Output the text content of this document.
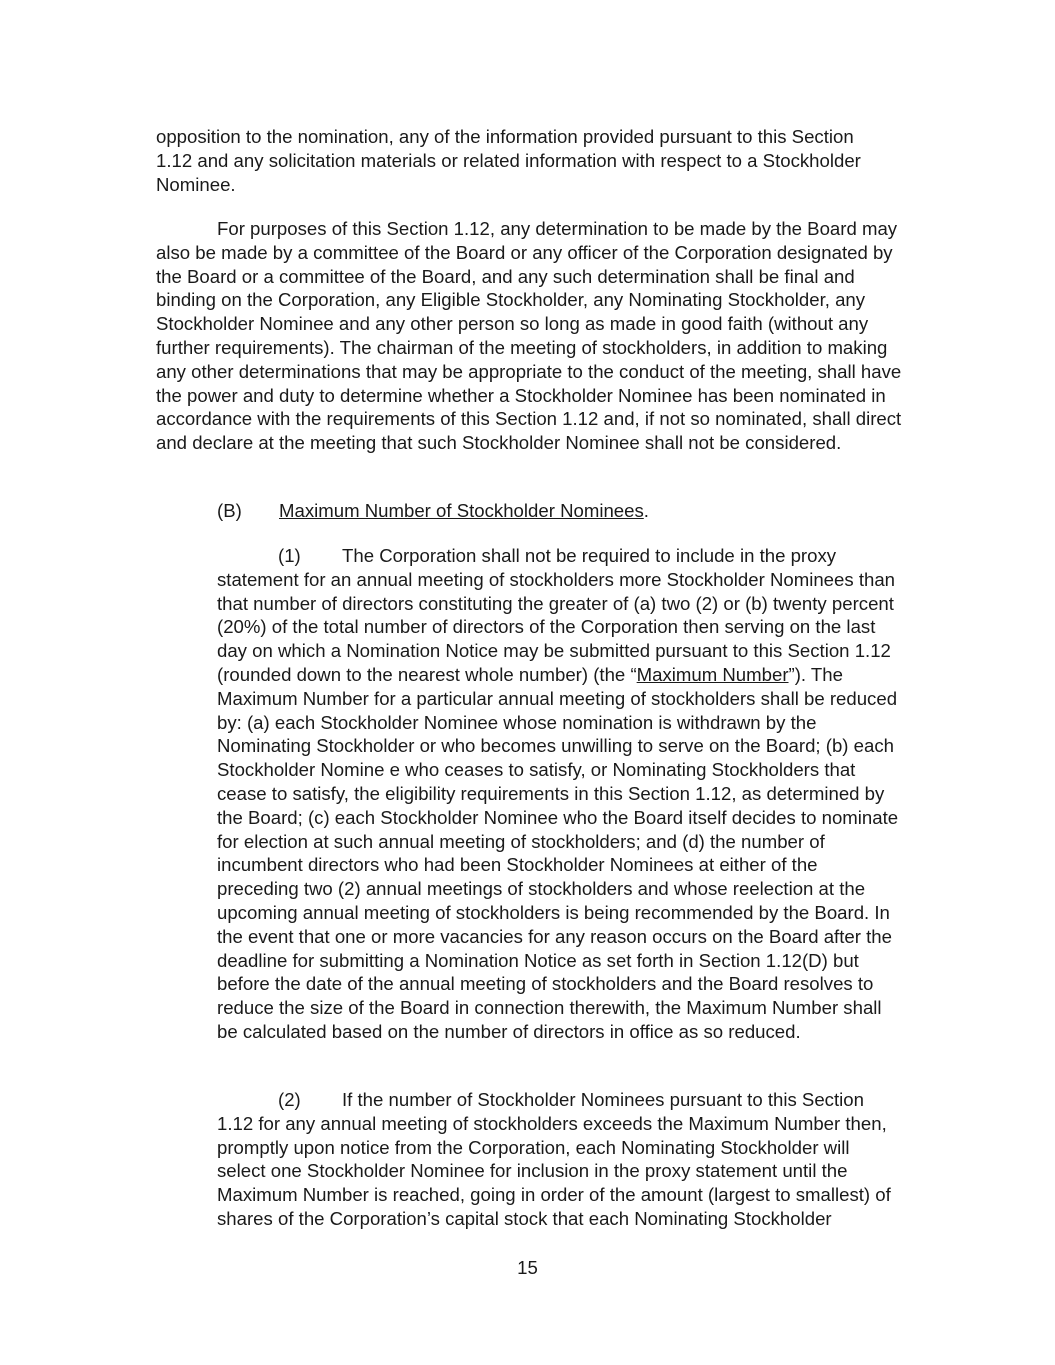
opposition to the nomination, any of the information provided pursuant to this Section 1.12 and any solicitation materials or related information with respect to a Stockholder Nominee.

For purposes of this Section 1.12, any determination to be made by the Board may also be made by a committee of the Board or any officer of the Corporation designated by the Board or a committee of the Board, and any such determination shall be final and binding on the Corporation, any Eligible Stockholder, any Nominating Stockholder, any Stockholder Nominee and any other person so long as made in good faith (without any further requirements). The chairman of the meeting of stockholders, in addition to making any other determinations that may be appropriate to the conduct of the meeting, shall have the power and duty to determine whether a Stockholder Nominee has been nominated in accordance with the requirements of this Section 1.12 and, if not so nominated, shall direct and declare at the meeting that such Stockholder Nominee shall not be considered.

(B) Maximum Number of Stockholder Nominees.

(1) The Corporation shall not be required to include in the proxy statement for an annual meeting of stockholders more Stockholder Nominees than that number of directors constituting the greater of (a) two (2) or (b) twenty percent (20%) of the total number of directors of the Corporation then serving on the last day on which a Nomination Notice may be submitted pursuant to this Section 1.12 (rounded down to the nearest whole number) (the “Maximum Number”). The Maximum Number for a particular annual meeting of stockholders shall be reduced by: (a) each Stockholder Nominee whose nomination is withdrawn by the Nominating Stockholder or who becomes unwilling to serve on the Board; (b) each Stockholder Nomine e who ceases to satisfy, or Nominating Stockholders that cease to satisfy, the eligibility requirements in this Section 1.12, as determined by the Board; (c) each Stockholder Nominee who the Board itself decides to nominate for election at such annual meeting of stockholders; and (d) the number of incumbent directors who had been Stockholder Nominees at either of the preceding two (2) annual meetings of stockholders and whose reelection at the upcoming annual meeting of stockholders is being recommended by the Board. In the event that one or more vacancies for any reason occurs on the Board after the deadline for submitting a Nomination Notice as set forth in Section 1.12(D) but before the date of the annual meeting of stockholders and the Board resolves to reduce the size of the Board in connection therewith, the Maximum Number shall be calculated based on the number of directors in office as so reduced.

(2) If the number of Stockholder Nominees pursuant to this Section 1.12 for any annual meeting of stockholders exceeds the Maximum Number then, promptly upon notice from the Corporation, each Nominating Stockholder will select one Stockholder Nominee for inclusion in the proxy statement until the Maximum Number is reached, going in order of the amount (largest to smallest) of shares of the Corporation’s capital stock that each Nominating Stockholder

15
